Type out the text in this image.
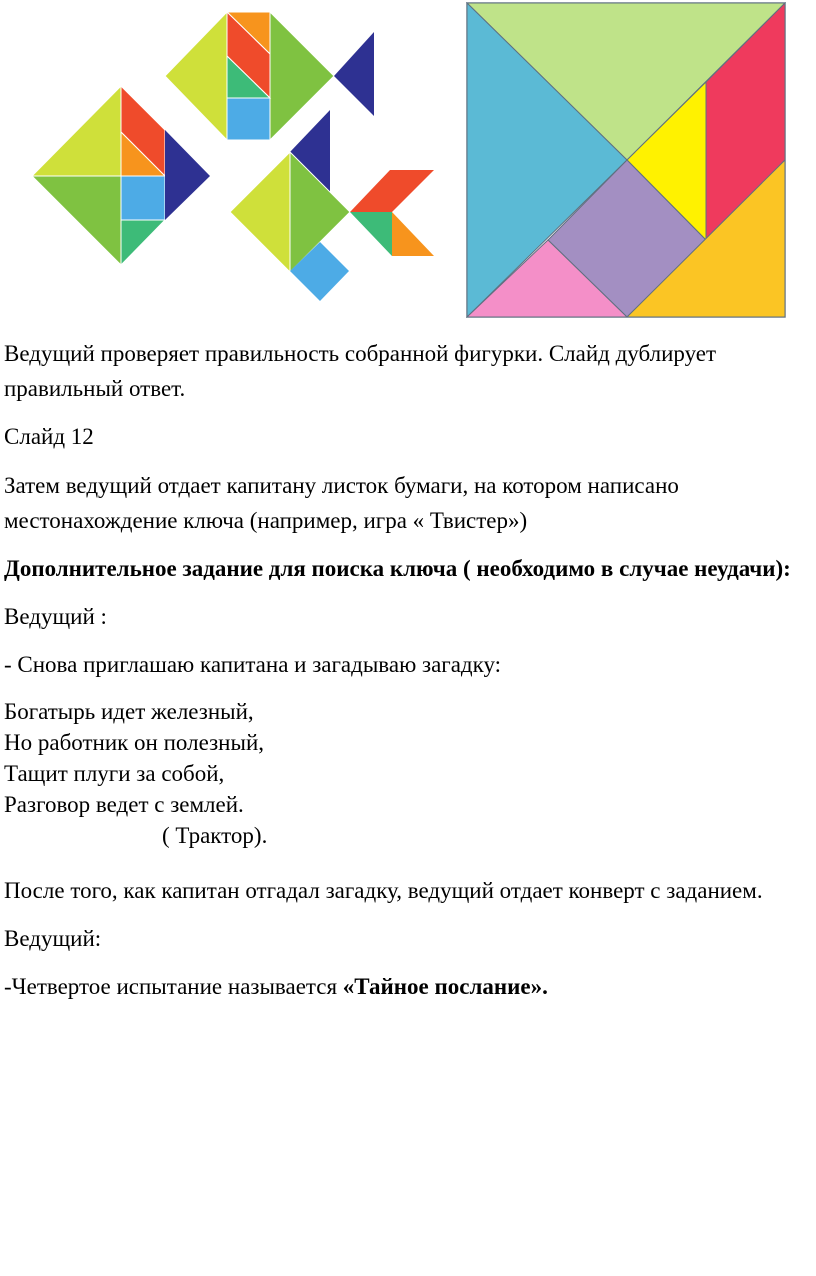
Ведущий проверяет правильность собранной фигурки. Слайд дублирует правильный ответ.

Слайд 12

Затем ведущий отдает капитану листок бумаги, на котором написано местонахождение ключа (например, игра « Твистер»)

Дополнительное задание для поиска ключа ( необходимо в случае неудачи):

Ведущий :

- Снова приглашаю капитана и загадываю загадку:

Богатырь идет железный,
Но работник он полезный,
Тащит плуги за собой,
Разговор ведет с землей.
( Трактор).

После того, как капитан отгадал загадку, ведущий отдает конверт с заданием.

Ведущий:

-Четвертое испытание называется «Тайное послание».
